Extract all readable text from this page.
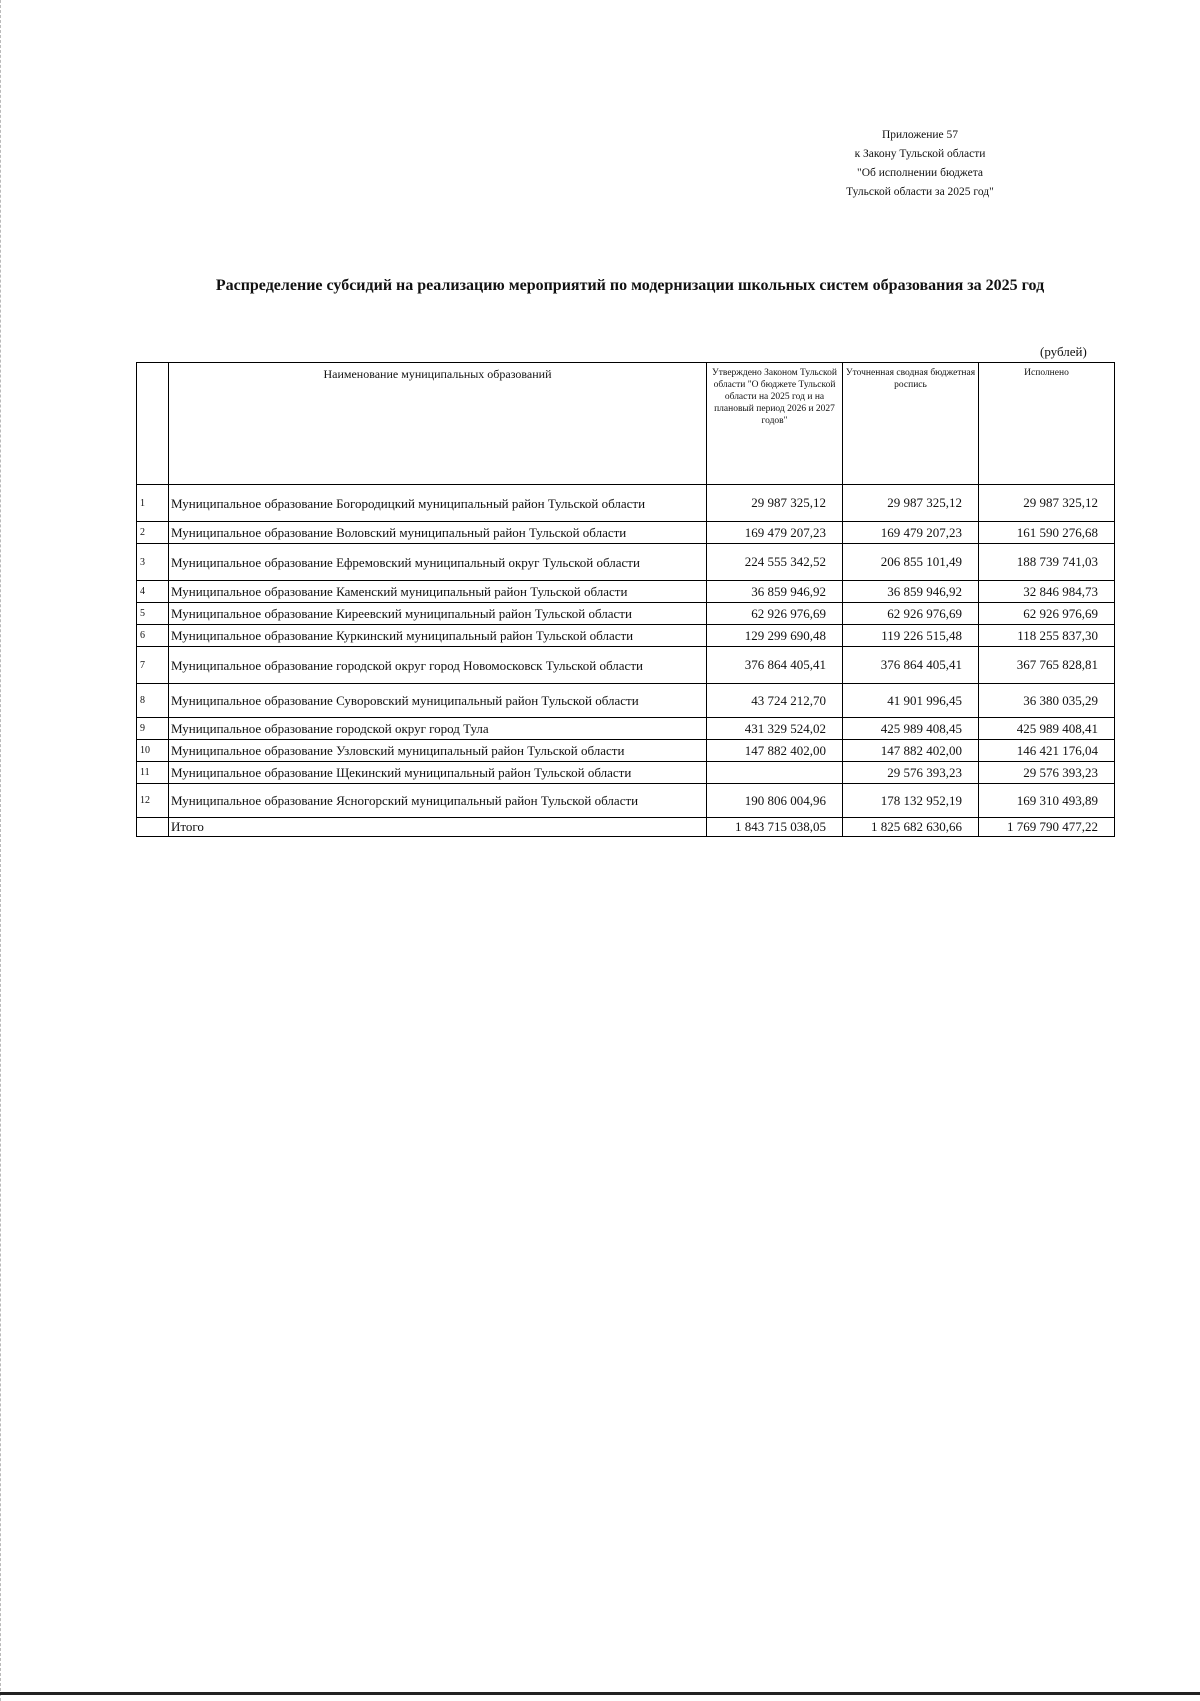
Приложение 57
к Закону Тульской области
"Об исполнении бюджета
Тульской области за 2025 год"
Распределение субсидий на реализацию мероприятий по модернизации школьных систем образования за 2025 год
(рублей)
	Наименование муниципальных образований	Утверждено Законом Тульской области "О бюджете Тульской области на 2025 год и на плановый период 2026 и 2027 годов"	Уточненная сводная бюджетная роспись	Исполнено
1	Муниципальное образование Богородицкий муниципальный район Тульской области	29 987 325,12	29 987 325,12	29 987 325,12
2	Муниципальное образование Воловский муниципальный район Тульской области	169 479 207,23	169 479 207,23	161 590 276,68
3	Муниципальное образование Ефремовский муниципальный округ Тульской области	224 555 342,52	206 855 101,49	188 739 741,03
4	Муниципальное образование Каменский муниципальный район Тульской области	36 859 946,92	36 859 946,92	32 846 984,73
5	Муниципальное образование Киреевский муниципальный район Тульской области	62 926 976,69	62 926 976,69	62 926 976,69
6	Муниципальное образование Куркинский муниципальный район Тульской области	129 299 690,48	119 226 515,48	118 255 837,30
7	Муниципальное образование городской округ город Новомосковск Тульской области	376 864 405,41	376 864 405,41	367 765 828,81
8	Муниципальное образование Суворовский муниципальный район Тульской области	43 724 212,70	41 901 996,45	36 380 035,29
9	Муниципальное образование городской округ город Тула	431 329 524,02	425 989 408,45	425 989 408,41
10	Муниципальное образование Узловский муниципальный район Тульской области	147 882 402,00	147 882 402,00	146 421 176,04
11	Муниципальное образование Щекинский муниципальный район Тульской области		29 576 393,23	29 576 393,23
12	Муниципальное образование Ясногорский муниципальный район Тульской области	190 806 004,96	178 132 952,19	169 310 493,89
	Итого	1 843 715 038,05	1 825 682 630,66	1 769 790 477,22
